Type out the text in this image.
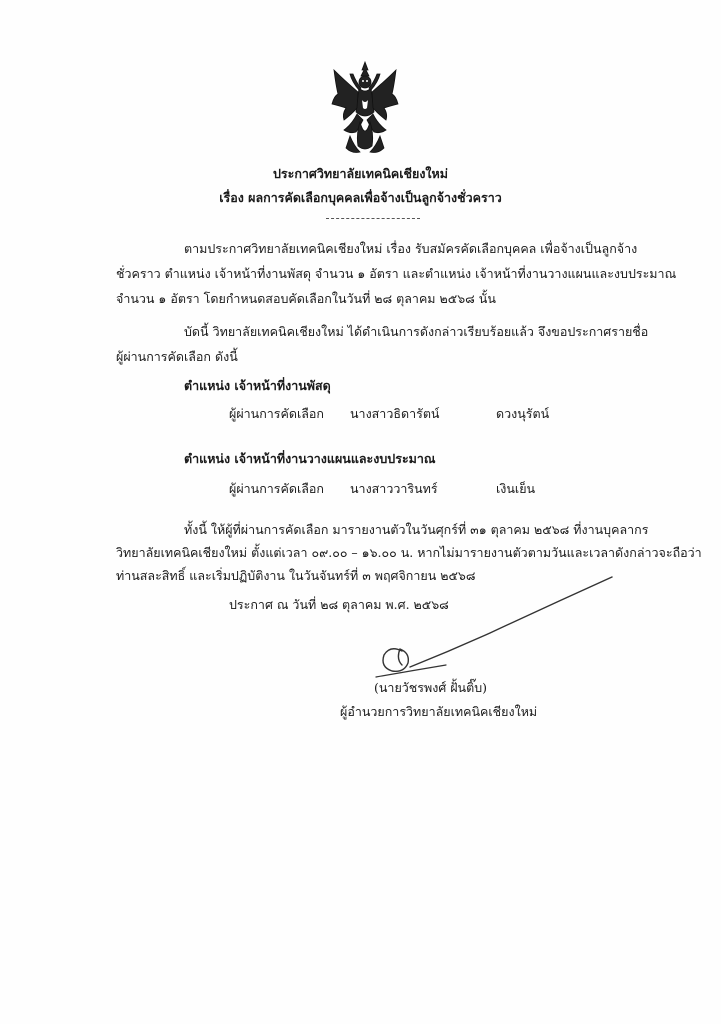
ประกาศวิทยาลัยเทคนิคเชียงใหม่
เรื่อง ผลการคัดเลือกบุคคลเพื่อจ้างเป็นลูกจ้างชั่วคราว
ตามประกาศวิทยาลัยเทคนิคเชียงใหม่ เรื่อง รับสมัครคัดเลือกบุคคล เพื่อจ้างเป็นลูกจ้าง
ชั่วคราว ตำแหน่ง เจ้าหน้าที่งานพัสดุ จำนวน ๑ อัตรา และตำแหน่ง เจ้าหน้าที่งานวางแผนและงบประมาณ
จำนวน ๑ อัตรา โดยกำหนดสอบคัดเลือกในวันที่ ๒๘ ตุลาคม ๒๕๖๘ นั้น
บัดนี้ วิทยาลัยเทคนิคเชียงใหม่ ได้ดำเนินการดังกล่าวเรียบร้อยแล้ว จึงขอประกาศรายชื่อ
ผู้ผ่านการคัดเลือก ดังนี้
ตำแหน่ง เจ้าหน้าที่งานพัสดุ
ผู้ผ่านการคัดเลือก นางสาวธิดารัตน์	ดวงนุรัตน์
ตำแหน่ง เจ้าหน้าที่งานวางแผนและงบประมาณ
ผู้ผ่านการคัดเลือก นางสาววารินทร์	เงินเย็น
ทั้งนี้ ให้ผู้ที่ผ่านการคัดเลือก มารายงานตัวในวันศุกร์ที่ ๓๑ ตุลาคม ๒๕๖๘ ที่งานบุคลากร
วิทยาลัยเทคนิคเชียงใหม่ ตั้งแต่เวลา ๐๙.๐๐ – ๑๖.๐๐ น. หากไม่มารายงานตัวตามวันและเวลาดังกล่าวจะถือว่า
ท่านสละสิทธิ์ และเริ่มปฏิบัติงาน ในวันจันทร์ที่ ๓ พฤศจิกายน ๒๕๖๘
ประกาศ ณ วันที่ ๒๘ ตุลาคม พ.ศ. ๒๕๖๘
(นายวัชรพงศ์ ฝั้นติ๊บ)
ผู้อำนวยการวิทยาลัยเทคนิคเชียงใหม่
